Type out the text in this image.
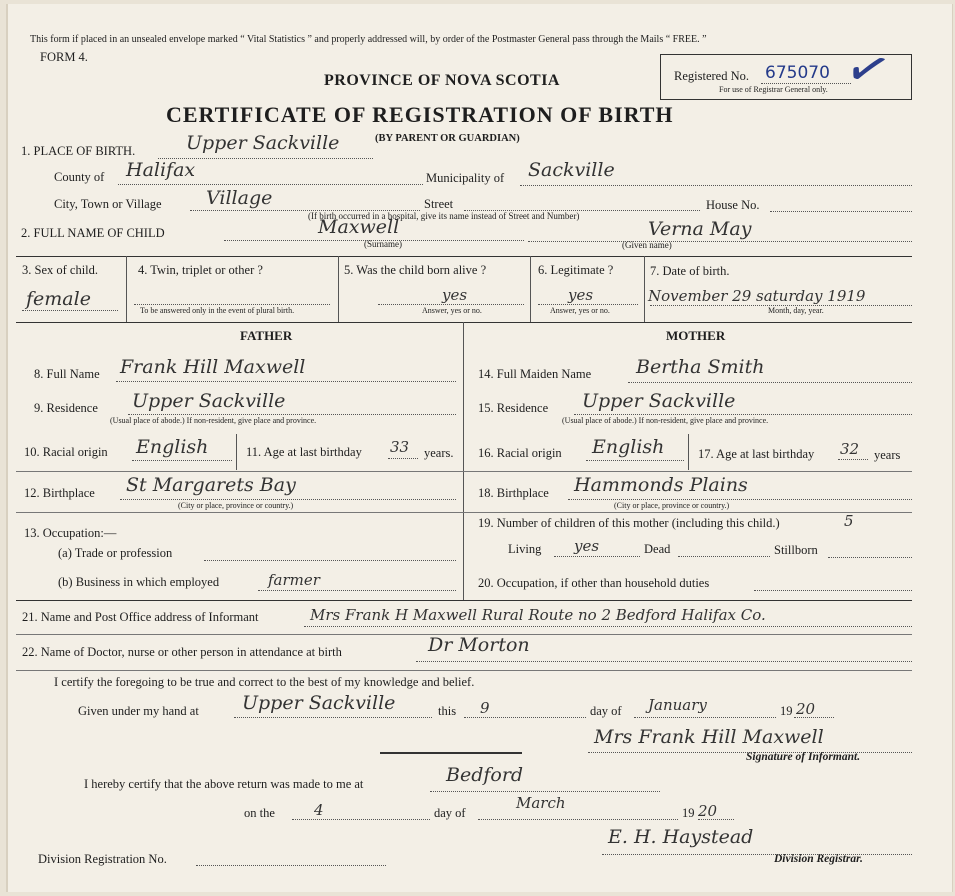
This form if placed in an unsealed envelope marked “ Vital Statistics ” and properly addressed will, by order of the Postmaster General pass through the Mails “ FREE. ”
FORM 4.
PROVINCE OF NOVA SCOTIA
CERTIFICATE OF REGISTRATION OF BIRTH
(BY PARENT OR GUARDIAN)
Registered No. 675070
For use of Registrar General only. ✓
1. PLACE OF BIRTH.	Upper Sackville
County of Halifax	Municipality of Sackville
City, Town or Village Village	Street	House No.
(If birth occurred in a hospital, give its name instead of Street and Number)
2. FULL NAME OF CHILD	Maxwell
(Surname)
Verna May
(Given name)
3. Sex of child.
female
4. Twin, triplet or other ?
To be answered only in the event of plural birth.
5. Was the child born alive ?
yes
Answer, yes or no.
6. Legitimate ?
yes
Answer, yes or no.
7. Date of birth.
November 29 saturday 1919
Month, day, year.
FATHER
8. Full Name Frank Hill Maxwell
9. Residence Upper Sackville
(Usual place of abode.) If non-resident, give place and province.
10. Racial origin English	11. Age at last birthday 33 years.
12. Birthplace St Margarets Bay
(City or place, province or country.)
13. Occupation:—
(a) Trade or profession
(b) Business in which employed	farmer
MOTHER
14. Full Maiden Name Bertha Smith
15. Residence Upper Sackville
(Usual place of abode.) If non-resident, give place and province.
16. Racial origin English	17. Age at last birthday 32 years
18. Birthplace Hammonds Plains
(City or place, province or country.)
19. Number of children of this mother (including this child.)	5
Living yes	Dead	Stillborn
20. Occupation, if other than household duties
21. Name and Post Office address of Informant	Mrs Frank H Maxwell Rural Route no 2 Bedford Halifax Co.
22. Name of Doctor, nurse or other person in attendance at birth	Dr Morton
I certify the foregoing to be true and correct to the best of my knowledge and belief.
Given under my hand at Upper Sackville	this 9	day of January	19 20
Mrs Frank Hill Maxwell
Signature of Informant.
I hereby certify that the above return was made to me at	Bedford
on the	4	day of
March
19 20
E. H. Haystead
Division Registrar.
Division Registration No.
